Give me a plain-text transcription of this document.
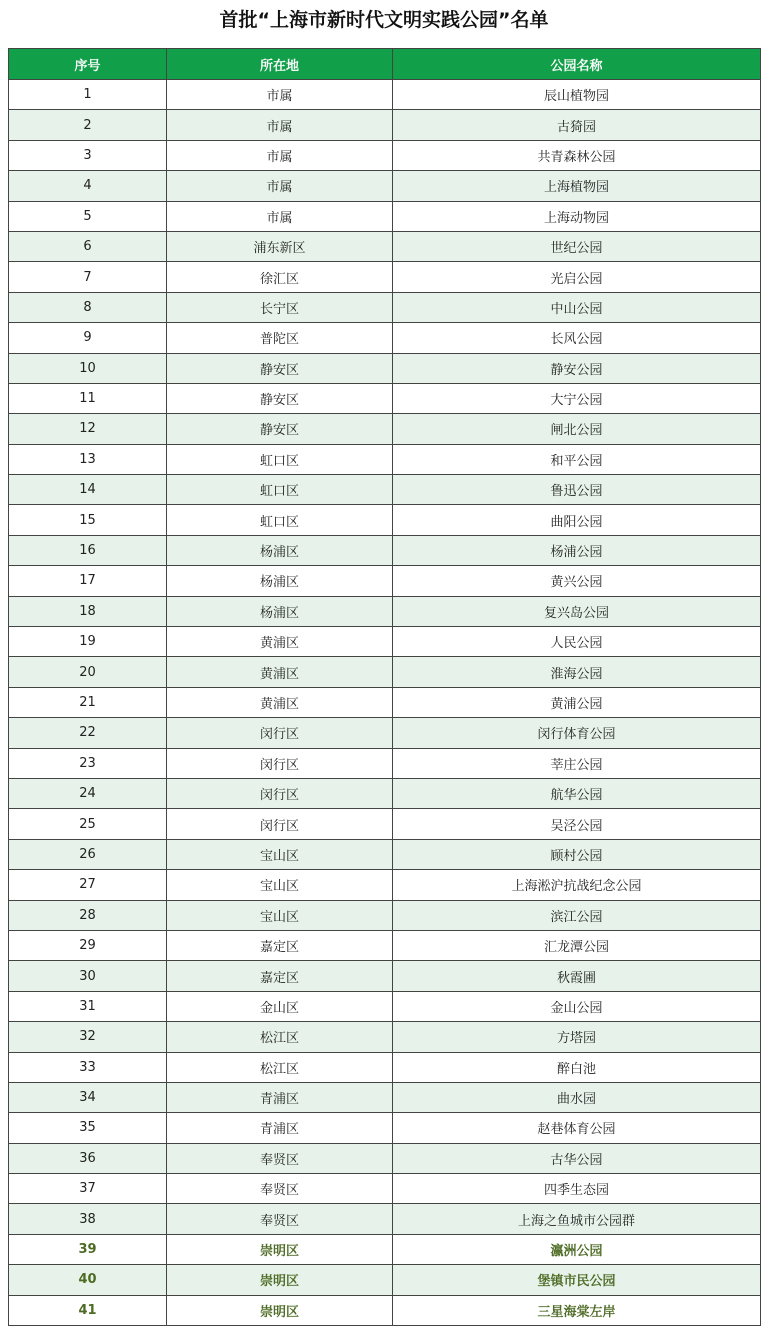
首批“上海市新时代文明实践公园”名单
序号	所在地	公园名称
1	市属	辰山植物园
2	市属	古猗园
3	市属	共青森林公园
4	市属	上海植物园
5	市属	上海动物园
6	浦东新区	世纪公园
7	徐汇区	光启公园
8	长宁区	中山公园
9	普陀区	长风公园
10	静安区	静安公园
11	静安区	大宁公园
12	静安区	闸北公园
13	虹口区	和平公园
14	虹口区	鲁迅公园
15	虹口区	曲阳公园
16	杨浦区	杨浦公园
17	杨浦区	黄兴公园
18	杨浦区	复兴岛公园
19	黄浦区	人民公园
20	黄浦区	淮海公园
21	黄浦区	黄浦公园
22	闵行区	闵行体育公园
23	闵行区	莘庄公园
24	闵行区	航华公园
25	闵行区	吴泾公园
26	宝山区	顾村公园
27	宝山区	上海淞沪抗战纪念公园
28	宝山区	滨江公园
29	嘉定区	汇龙潭公园
30	嘉定区	秋霞圃
31	金山区	金山公园
32	松江区	方塔园
33	松江区	醉白池
34	青浦区	曲水园
35	青浦区	赵巷体育公园
36	奉贤区	古华公园
37	奉贤区	四季生态园
38	奉贤区	上海之鱼城市公园群
39	崇明区	瀛洲公园
40	崇明区	堡镇市民公园
41	崇明区	三星海棠左岸
